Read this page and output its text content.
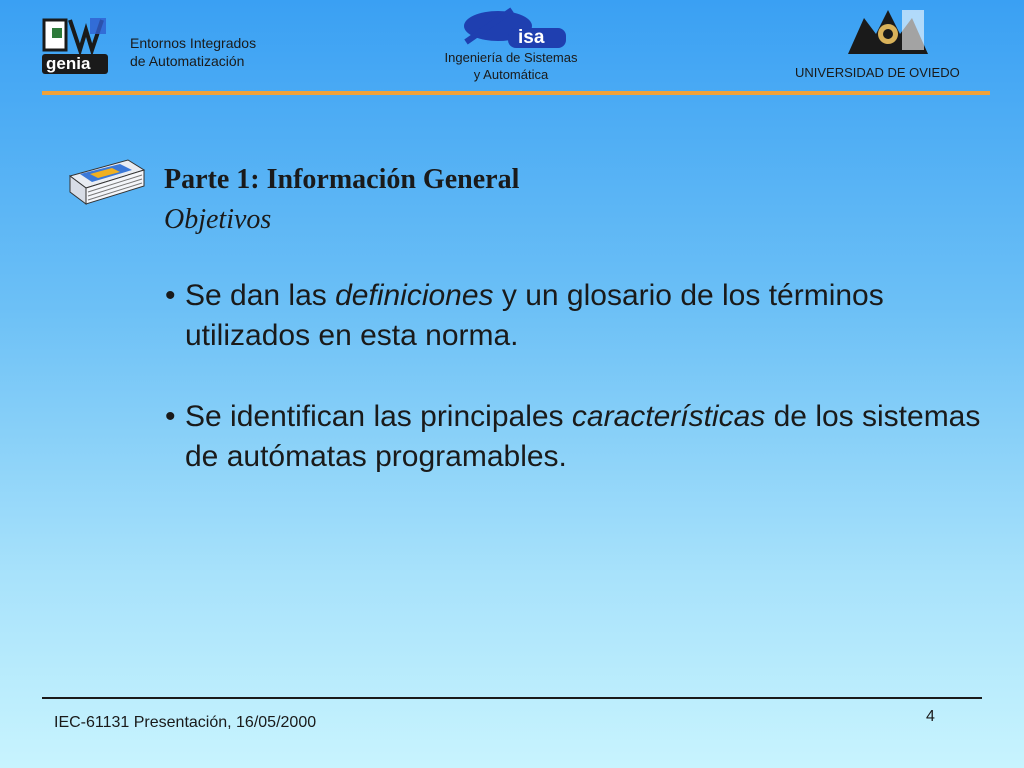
genia
Entornos Integrados
de Automatización
isa
Ingeniería de Sistemas
y Automática	UNIVERSIDAD DE OVIEDO
Parte 1: Información General
Objetivos
• Se dan las definiciones y un glosario de los términos utilizados en esta norma.
• Se identifican las principales características de los sistemas de autómatas programables.
IEC-61131 Presentación, 16/05/2000	4
